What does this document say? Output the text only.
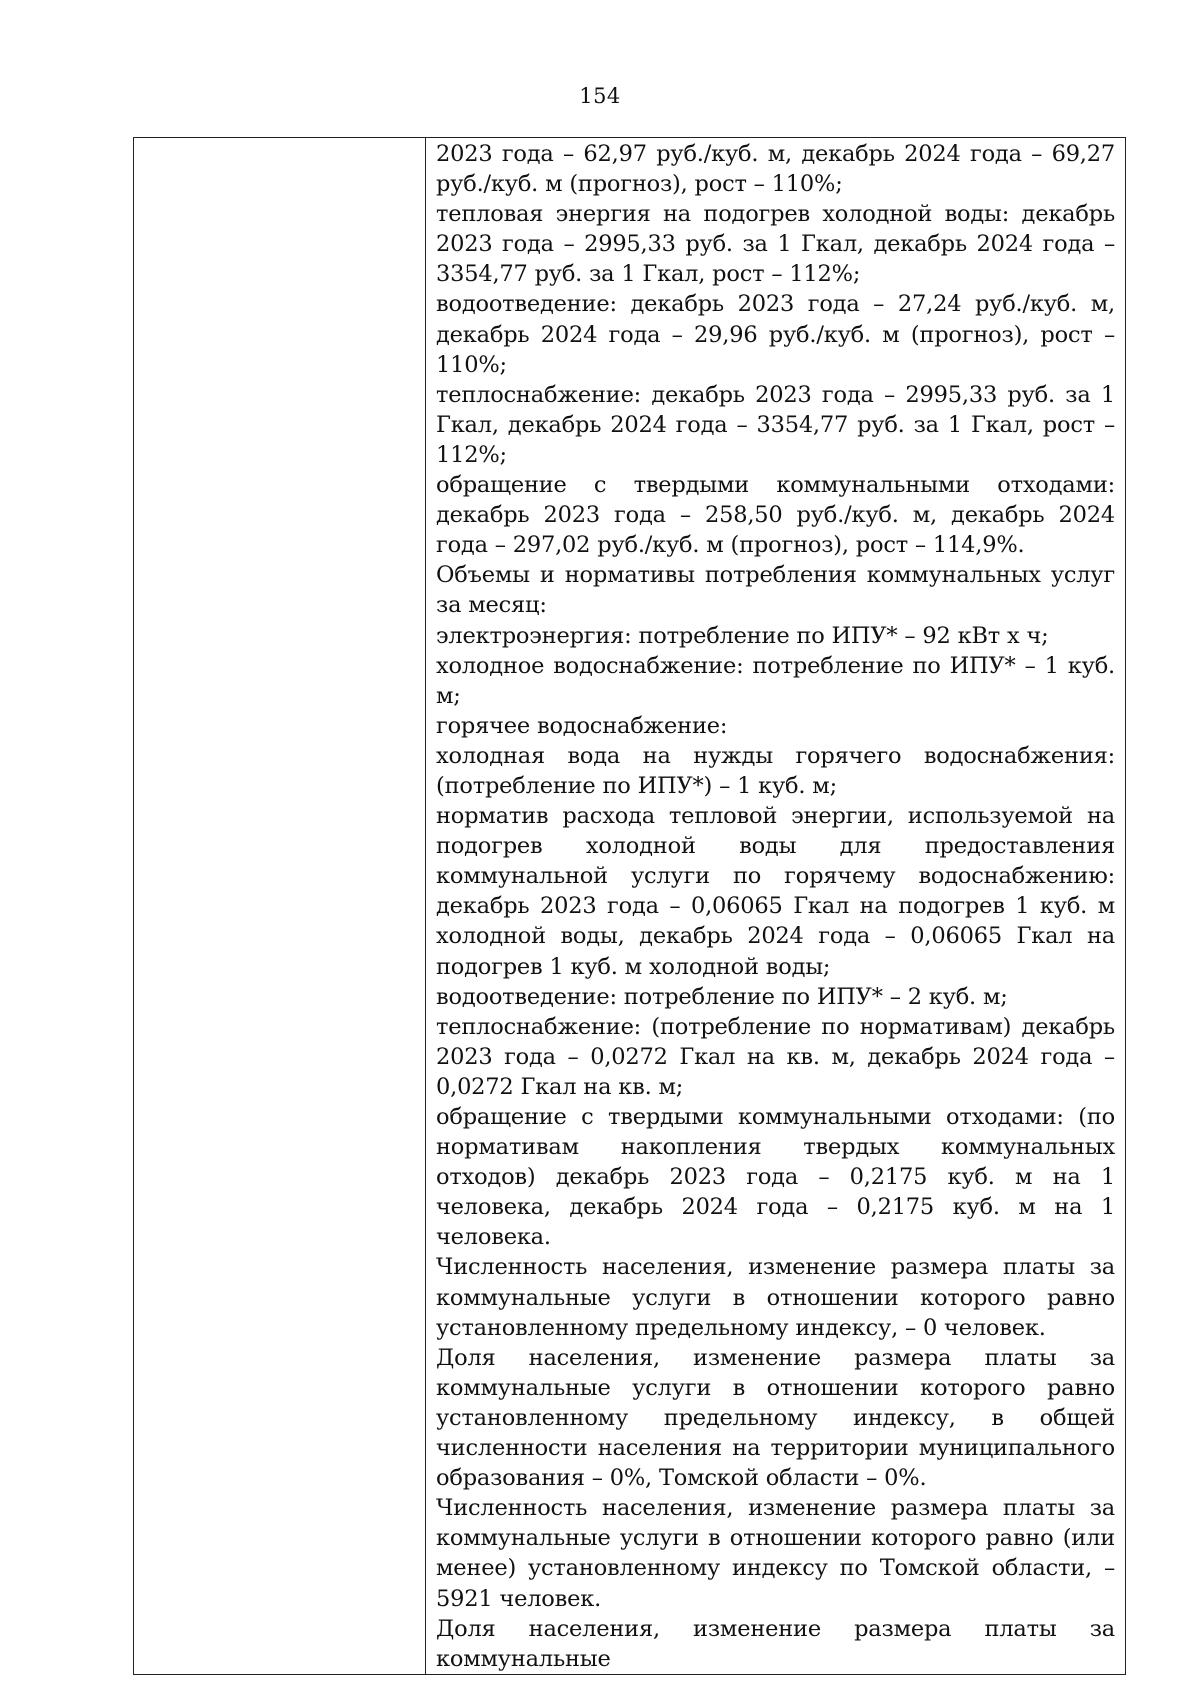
154

2023 года – 62,97 руб./куб. м, декабрь 2024 года – 69,27 руб./куб. м (прогноз), рост – 110%;

тепловая энергия на подогрев холодной воды: декабрь 2023 года – 2995,33 руб. за 1 Гкал, декабрь 2024 года – 3354,77 руб. за 1 Гкал, рост – 112%;

водоотведение: декабрь 2023 года – 27,24 руб./куб. м, декабрь 2024 года – 29,96 руб./куб. м (прогноз), рост – 110%;

теплоснабжение: декабрь 2023 года – 2995,33 руб. за 1 Гкал, декабрь 2024 года – 3354,77 руб. за 1 Гкал, рост – 112%;

обращение с твердыми коммунальными отходами: декабрь 2023 года – 258,50 руб./куб. м, декабрь 2024 года – 297,02 руб./куб. м (прогноз), рост – 114,9%.

Объемы и нормативы потребления коммунальных услуг за месяц:

электроэнергия: потребление по ИПУ* – 92 кВт х ч;

холодное водоснабжение: потребление по ИПУ* – 1 куб. м;

горячее водоснабжение:

холодная вода на нужды горячего водоснабжения: (потребление по ИПУ*) – 1 куб. м;

норматив расхода тепловой энергии, используемой на подогрев холодной воды для предоставления коммунальной услуги по горячему водоснабжению: декабрь 2023 года – 0,06065 Гкал на подогрев 1 куб. м холодной воды, декабрь 2024 года – 0,06065 Гкал на подогрев 1 куб. м холодной воды;

водоотведение: потребление по ИПУ* – 2 куб. м;

теплоснабжение: (потребление по нормативам) декабрь 2023 года – 0,0272 Гкал на кв. м, декабрь 2024 года – 0,0272 Гкал на кв. м;

обращение с твердыми коммунальными отходами: (по нормативам накопления твердых коммунальных отходов) декабрь 2023 года – 0,2175 куб. м на 1 человека, декабрь 2024 года – 0,2175 куб. м на 1 человека.

Численность населения, изменение размера платы за коммунальные услуги в отношении которого равно установленному предельному индексу, – 0 человек.

Доля населения, изменение размера платы за коммунальные услуги в отношении которого равно установленному предельному индексу, в общей численности населения на территории муниципального образования – 0%, Томской области – 0%.

Численность населения, изменение размера платы за коммунальные услуги в отношении которого равно (или менее) установленному индексу по Томской области, – 5921 человек.

Доля населения, изменение размера платы за коммунальные
